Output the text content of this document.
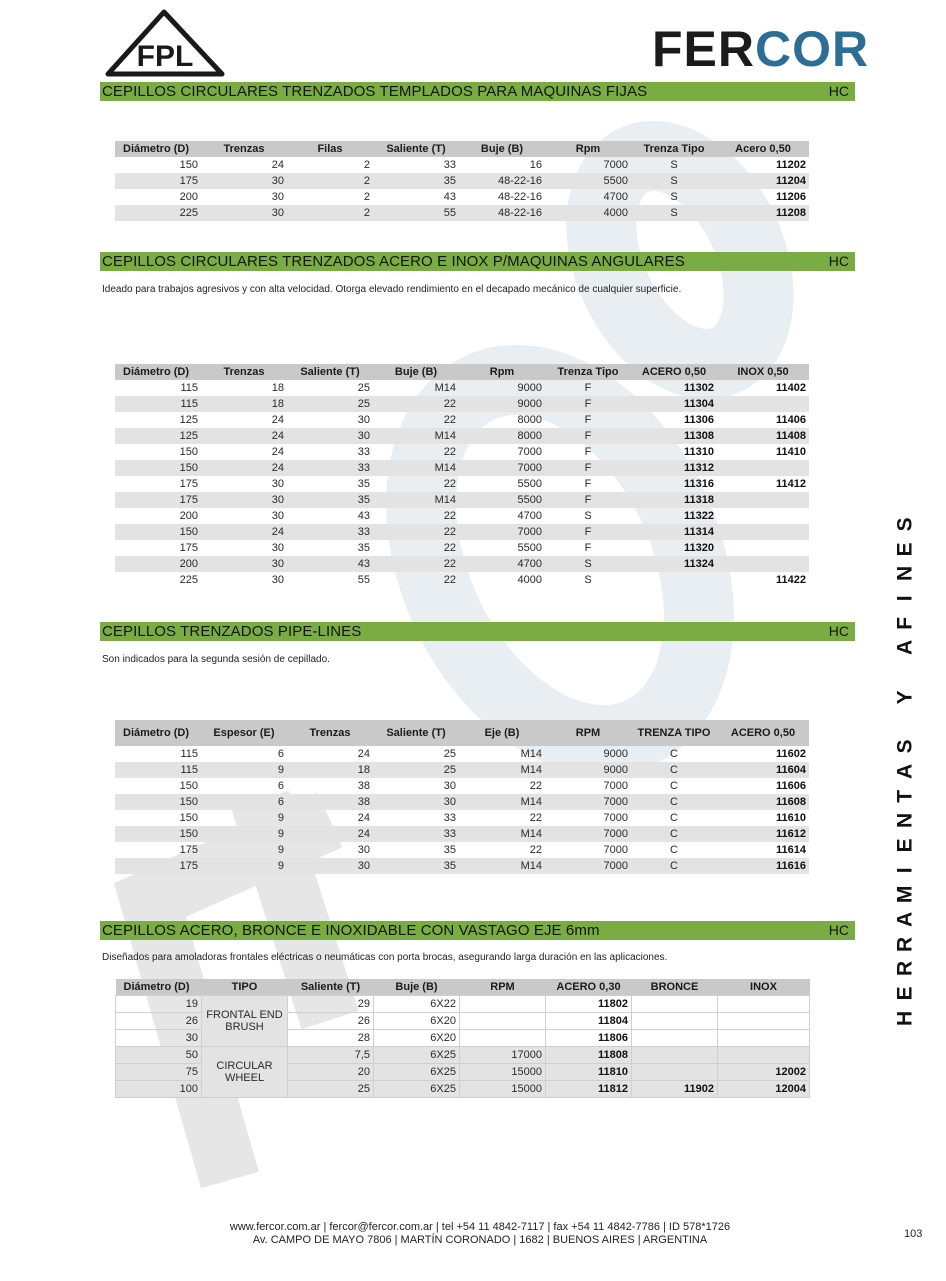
FPL	FERCOR
CEPILLOS CIRCULARES TRENZADOS TEMPLADOS PARA MAQUINAS FIJAS	HC
Diámetro (D)	Trenzas	Filas	Saliente (T)	Buje (B)	Rpm	Trenza Tipo	Acero 0,50
150	24	2	33	16	7000	S	11202
175	30	2	35	48-22-16	5500	S	11204
200	30	2	43	48-22-16	4700	S	11206
225	30	2	55	48-22-16	4000	S	11208
CEPILLOS CIRCULARES TRENZADOS ACERO E INOX P/MAQUINAS ANGULARES	HC
Ideado para trabajos agresivos y con alta velocidad. Otorga elevado rendimiento en el decapado mecánico de cualquier superficie.
Diámetro (D)	Trenzas	Saliente (T)	Buje (B)	Rpm	Trenza Tipo	ACERO 0,50	INOX 0,50
115	18	25	M14	9000	F	11302	11402
115	18	25	22	9000	F	11304	
125	24	30	22	8000	F	11306	11406
125	24	30	M14	8000	F	11308	11408
150	24	33	22	7000	F	11310	11410
150	24	33	M14	7000	F	11312	
175	30	35	22	5500	F	11316	11412
175	30	35	M14	5500	F	11318	
200	30	43	22	4700	S	11322	
150	24	33	22	7000	F	11314	
175	30	35	22	5500	F	11320	
200	30	43	22	4700	S	11324	
225	30	55	22	4000	S		11422
CEPILLOS TRENZADOS PIPE-LINES	HC
Son indicados para la segunda sesión de cepillado.
Diámetro (D)	Espesor (E)	Trenzas	Saliente (T)	Eje (B)	RPM	TRENZA TIPO	ACERO 0,50
115	6	24	25	M14	9000	C	11602
115	9	18	25	M14	9000	C	11604
150	6	38	30	22	7000	C	11606
150	6	38	30	M14	7000	C	11608
150	9	24	33	22	7000	C	11610
150	9	24	33	M14	7000	C	11612
175	9	30	35	22	7000	C	11614
175	9	30	35	M14	7000	C	11616
CEPILLOS ACERO, BRONCE E INOXIDABLE CON VASTAGO EJE 6mm	HC
Diseñados para amoladoras frontales eléctricas o neumáticas con porta brocas, asegurando larga duración en las aplicaciones.
Diámetro (D)	TIPO	Saliente (T)	Buje (B)	RPM	ACERO 0,30	BRONCE	INOX
19	FRONTAL END BRUSH	29	6X22		11802		
26		26	6X20		11804		
30		28	6X20		11806		
50	CIRCULAR WHEEL	7,5	6X25	17000	11808		
75		20	6X25	15000	11810		12002
100		25	6X25	15000	11812	11902	12004
S
E
N
I
F
A

Y

S
A
T
N
E
I
M
A
R
R
E
H
www.fercor.com.ar | fercor@fercor.com.ar | tel +54 11 4842-7117 | fax +54 11 4842-7786 | ID 578*1726
Av. CAMPO DE MAYO 7806 | MARTÍN CORONADO | 1682 | BUENOS AIRES | ARGENTINA	103
